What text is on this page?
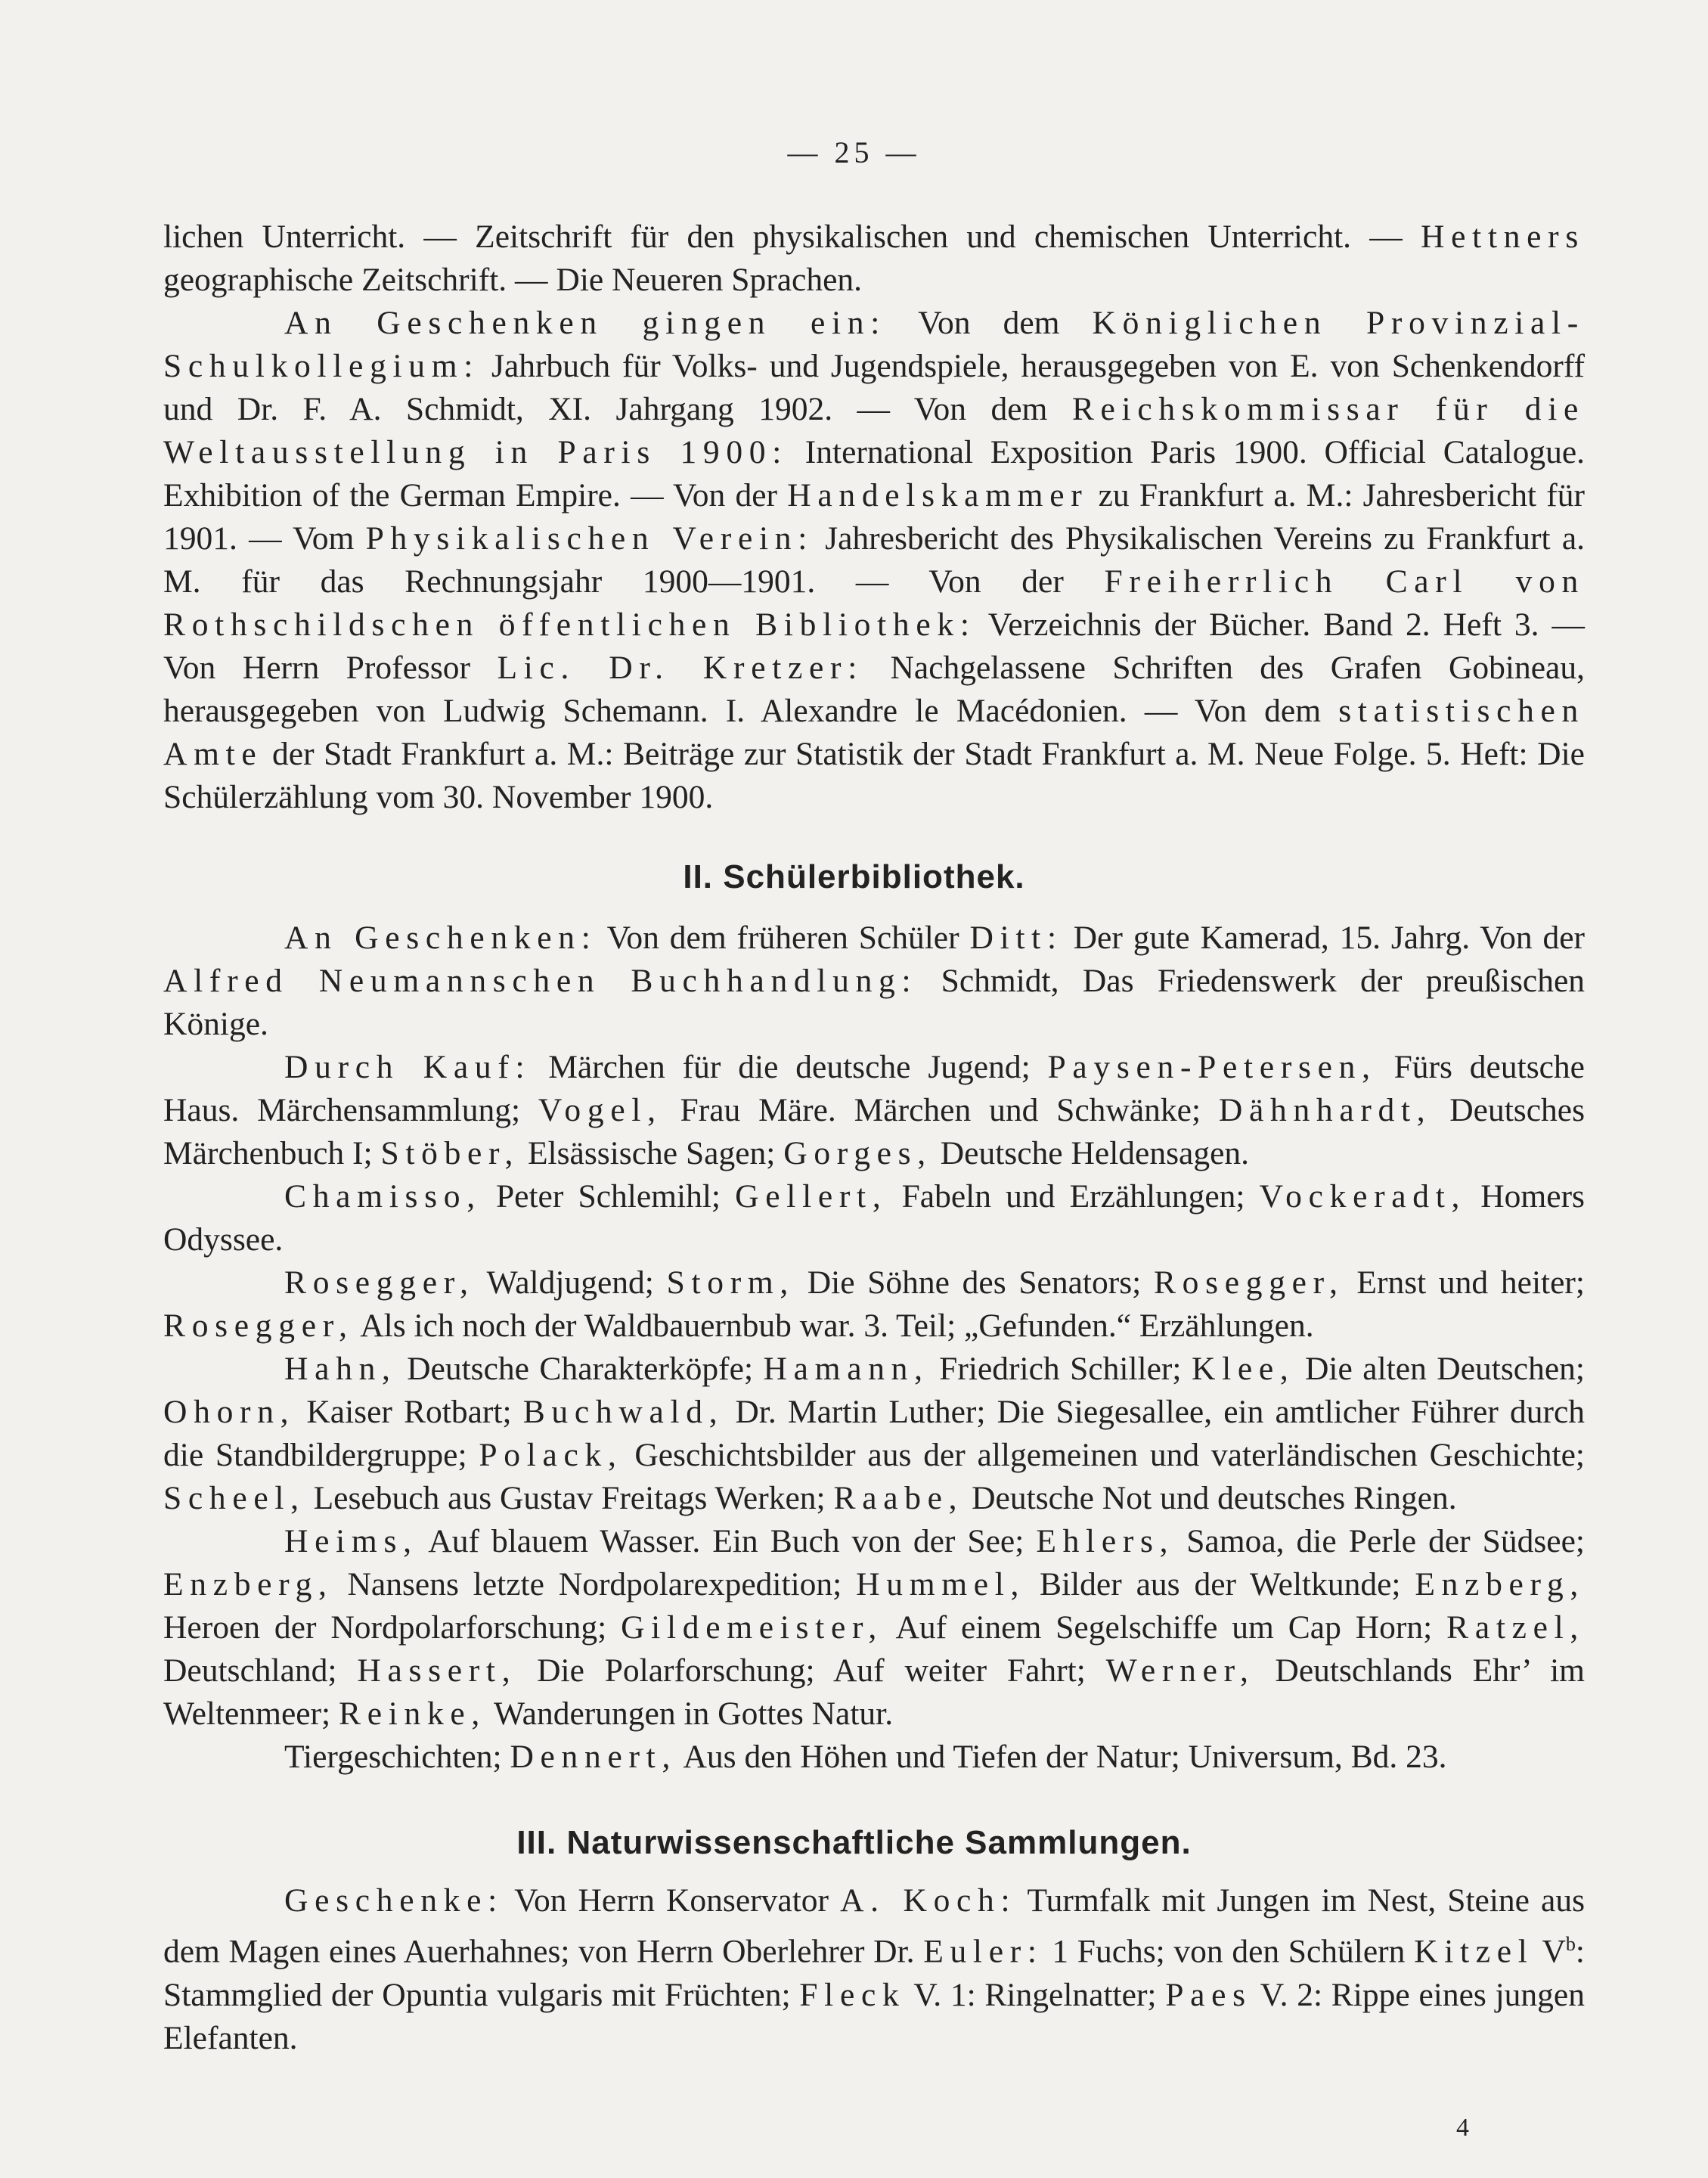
— 25 —

lichen Unterricht. — Zeitschrift für den physikalischen und chemischen Unterricht. — Hettners geographische Zeitschrift. — Die Neueren Sprachen.

An Geschenken gingen ein: Von dem Königlichen Provinzial-Schulkollegium: Jahrbuch für Volks- und Jugendspiele, herausgegeben von E. von Schenkendorff und Dr. F. A. Schmidt, XI. Jahrgang 1902. — Von dem Reichskommissar für die Weltausstellung in Paris 1900: International Exposition Paris 1900. Official Catalogue. Exhibition of the German Empire. — Von der Handelskammer zu Frankfurt a. M.: Jahresbericht für 1901. — Vom Physikalischen Verein: Jahresbericht des Physikalischen Vereins zu Frankfurt a. M. für das Rechnungsjahr 1900—1901. — Von der Freiherrlich Carl von Rothschildschen öffentlichen Bibliothek: Verzeichnis der Bücher. Band 2. Heft 3. — Von Herrn Professor Lic. Dr. Kretzer: Nachgelassene Schriften des Grafen Gobineau, herausgegeben von Ludwig Schemann. I. Alexandre le Macédonien. — Von dem statistischen Amte der Stadt Frankfurt a. M.: Beiträge zur Statistik der Stadt Frankfurt a. M. Neue Folge. 5. Heft: Die Schülerzählung vom 30. November 1900.

II. Schülerbibliothek.

An Geschenken: Von dem früheren Schüler Ditt: Der gute Kamerad, 15. Jahrg. Von der Alfred Neumannschen Buchhandlung: Schmidt, Das Friedenswerk der preußischen Könige.

Durch Kauf: Märchen für die deutsche Jugend; Paysen-Petersen, Fürs deutsche Haus. Märchensammlung; Vogel, Frau Märe. Märchen und Schwänke; Dähnhardt, Deutsches Märchenbuch I; Stöber, Elsässische Sagen; Gorges, Deutsche Heldensagen.

Chamisso, Peter Schlemihl; Gellert, Fabeln und Erzählungen; Vockeradt, Homers Odyssee.

Rosegger, Waldjugend; Storm, Die Söhne des Senators; Rosegger, Ernst und heiter; Rosegger, Als ich noch der Waldbauernbub war. 3. Teil; „Gefunden.“ Erzählungen.

Hahn, Deutsche Charakterköpfe; Hamann, Friedrich Schiller; Klee, Die alten Deutschen; Ohorn, Kaiser Rotbart; Buchwald, Dr. Martin Luther; Die Siegesallee, ein amtlicher Führer durch die Standbildergruppe; Polack, Geschichtsbilder aus der allgemeinen und vaterländischen Geschichte; Scheel, Lesebuch aus Gustav Freitags Werken; Raabe, Deutsche Not und deutsches Ringen.

Heims, Auf blauem Wasser. Ein Buch von der See; Ehlers, Samoa, die Perle der Südsee; Enzberg, Nansens letzte Nordpolarexpedition; Hummel, Bilder aus der Weltkunde; Enzberg, Heroen der Nordpolarforschung; Gildemeister, Auf einem Segelschiffe um Cap Horn; Ratzel, Deutschland; Hassert, Die Polarforschung; Auf weiter Fahrt; Werner, Deutschlands Ehr’ im Weltenmeer; Reinke, Wanderungen in Gottes Natur.

Tiergeschichten; Dennert, Aus den Höhen und Tiefen der Natur; Universum, Bd. 23.

III. Naturwissenschaftliche Sammlungen.

Geschenke: Von Herrn Konservator A. Koch: Turmfalk mit Jungen im Nest, Steine aus dem Magen eines Auerhahnes; von Herrn Oberlehrer Dr. Euler: 1 Fuchs; von den Schülern Kitzel $V^b$: Stammglied der Opuntia vulgaris mit Früchten; Fleck V. 1: Ringelnatter; Paes V. 2: Rippe eines jungen Elefanten.

4
